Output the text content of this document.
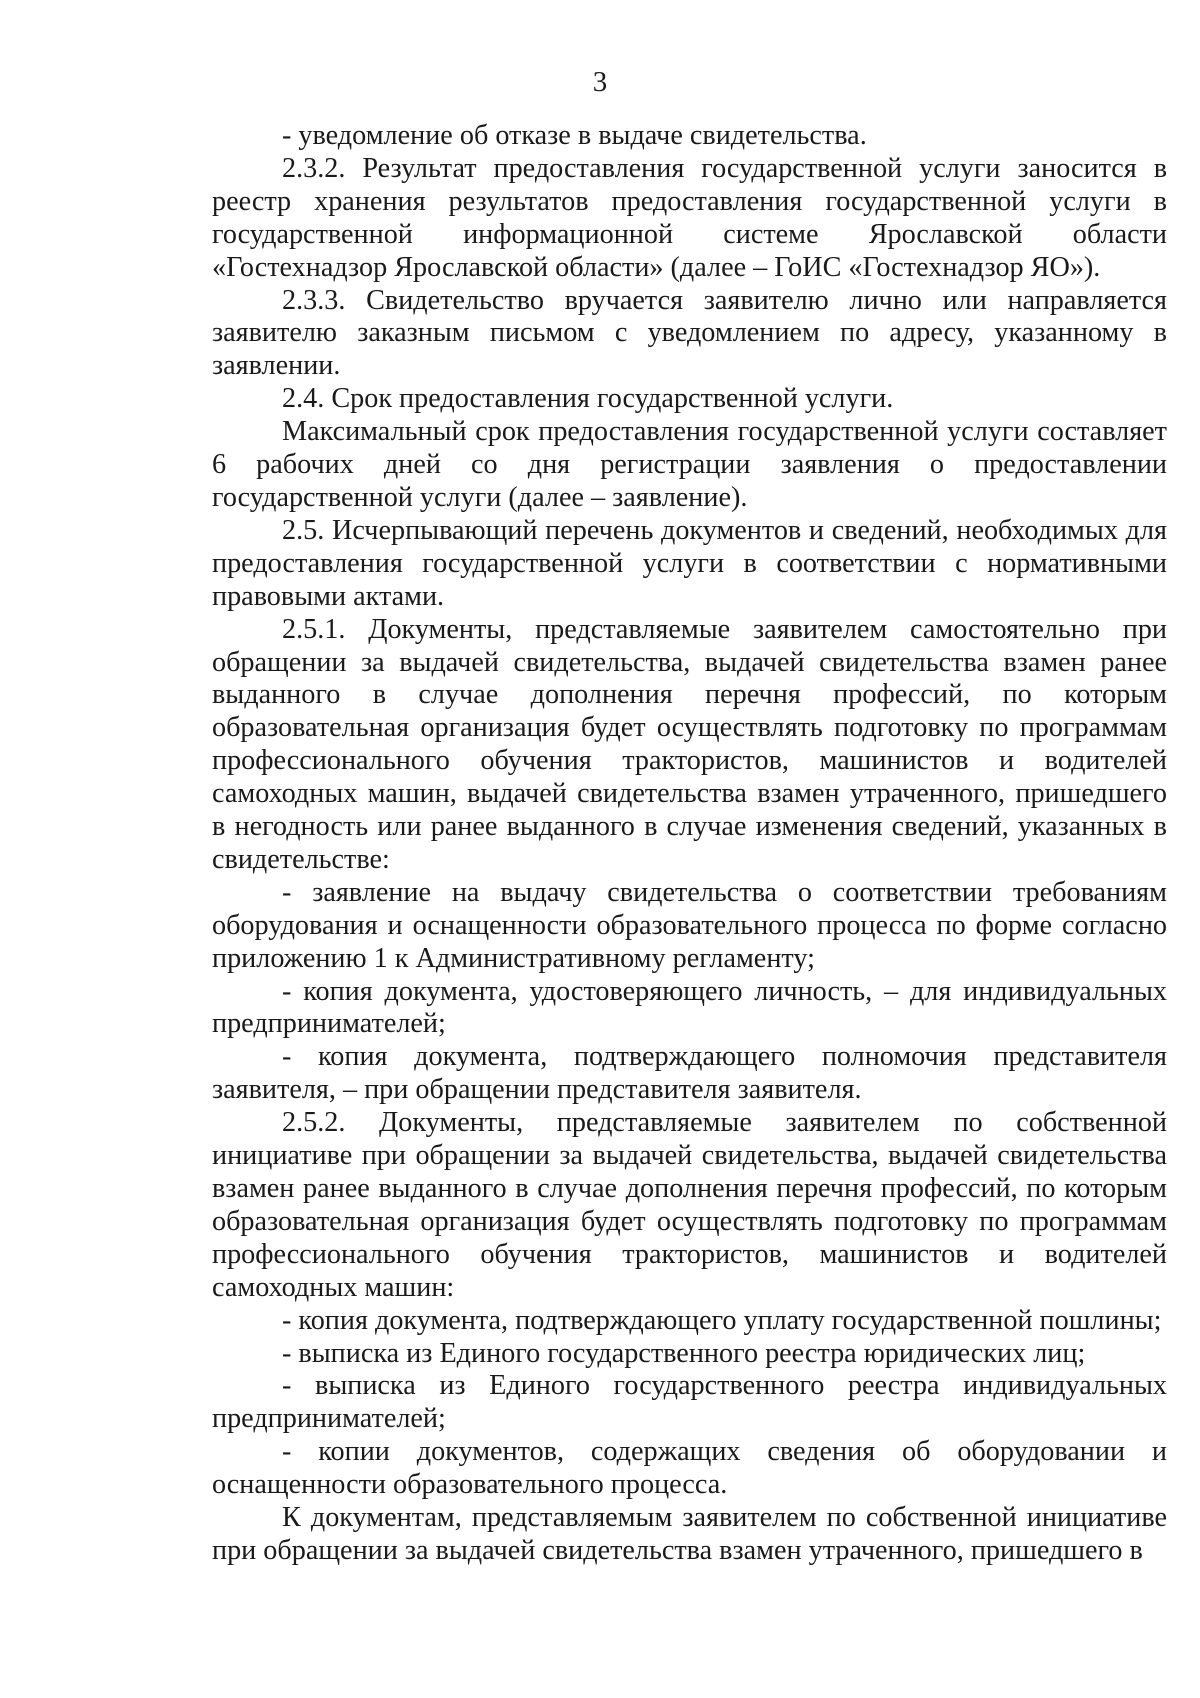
3

- уведомление об отказе в выдаче свидетельства.

2.3.2. Результат предоставления государственной услуги заносится в реестр хранения результатов предоставления государственной услуги в государственной информационной системе Ярославской области «Гостехнадзор Ярославской области» (далее – ГоИС «Гостехнадзор ЯО»).

2.3.3. Свидетельство вручается заявителю лично или направляется заявителю заказным письмом с уведомлением по адресу, указанному в заявлении.

2.4. Срок предоставления государственной услуги.

Максимальный срок предоставления государственной услуги составляет 6 рабочих дней со дня регистрации заявления о предоставлении государственной услуги (далее – заявление).

2.5. Исчерпывающий перечень документов и сведений, необходимых для предоставления государственной услуги в соответствии с нормативными правовыми актами.

2.5.1. Документы, представляемые заявителем самостоятельно при обращении за выдачей свидетельства, выдачей свидетельства взамен ранее выданного в случае дополнения перечня профессий, по которым образовательная организация будет осуществлять подготовку по программам профессионального обучения трактористов, машинистов и водителей самоходных машин, выдачей свидетельства взамен утраченного, пришедшего в негодность или ранее выданного в случае изменения сведений, указанных в свидетельстве:

- заявление на выдачу свидетельства о соответствии требованиям оборудования и оснащенности образовательного процесса по форме согласно приложению 1 к Административному регламенту;

- копия документа, удостоверяющего личность, – для индивидуальных предпринимателей;

- копия документа, подтверждающего полномочия представителя заявителя, – при обращении представителя заявителя.

2.5.2. Документы, представляемые заявителем по собственной инициативе при обращении за выдачей свидетельства, выдачей свидетельства взамен ранее выданного в случае дополнения перечня профессий, по которым образовательная организация будет осуществлять подготовку по программам профессионального обучения трактористов, машинистов и водителей самоходных машин:

- копия документа, подтверждающего уплату государственной пошлины;

- выписка из Единого государственного реестра юридических лиц;

- выписка из Единого государственного реестра индивидуальных предпринимателей;

- копии документов, содержащих сведения об оборудовании и оснащенности образовательного процесса.

К документам, представляемым заявителем по собственной инициативе при обращении за выдачей свидетельства взамен утраченного, пришедшего в
